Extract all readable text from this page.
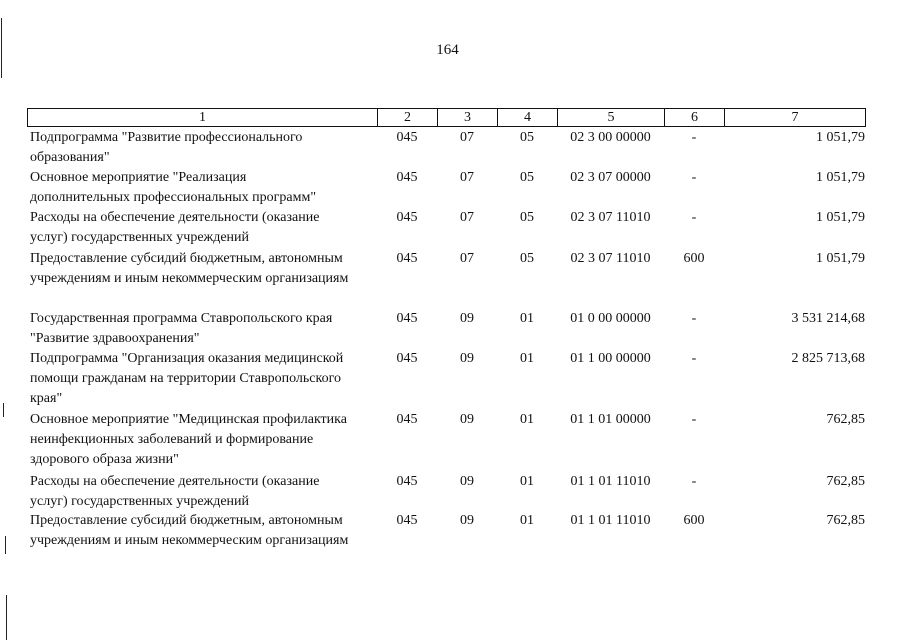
164
1	2	3	4	5	6	7
Подпрограмма "Развитие профессионального
образования"
045	07	05	02 3 00 00000	-	1 051,79
Основное мероприятие "Реализация
дополнительных профессиональных программ"
045	07	05	02 3 07 00000	-	1 051,79
Расходы на обеспечение деятельности (оказание
услуг) государственных учреждений
045	07	05	02 3 07 11010	-	1 051,79
Предоставление субсидий бюджетным, автономным
учреждениям и иным некоммерческим организациям
045	07	05	02 3 07 11010	600	1 051,79
Государственная программа Ставропольского края
"Развитие здравоохранения"
045	09	01	01 0 00 00000	-	3 531 214,68
Подпрограмма "Организация оказания медицинской
помощи гражданам на территории Ставропольского
края"
045	09	01	01 1 00 00000	-	2 825 713,68
Основное мероприятие "Медицинская профилактика
неинфекционных заболеваний и формирование
здорового образа жизни"
045	09	01	01 1 01 00000	-	762,85
Расходы на обеспечение деятельности (оказание
услуг) государственных учреждений
045	09	01	01 1 01 11010	-	762,85
Предоставление субсидий бюджетным, автономным
учреждениям и иным некоммерческим организациям
045	09	01	01 1 01 11010	600	762,85
